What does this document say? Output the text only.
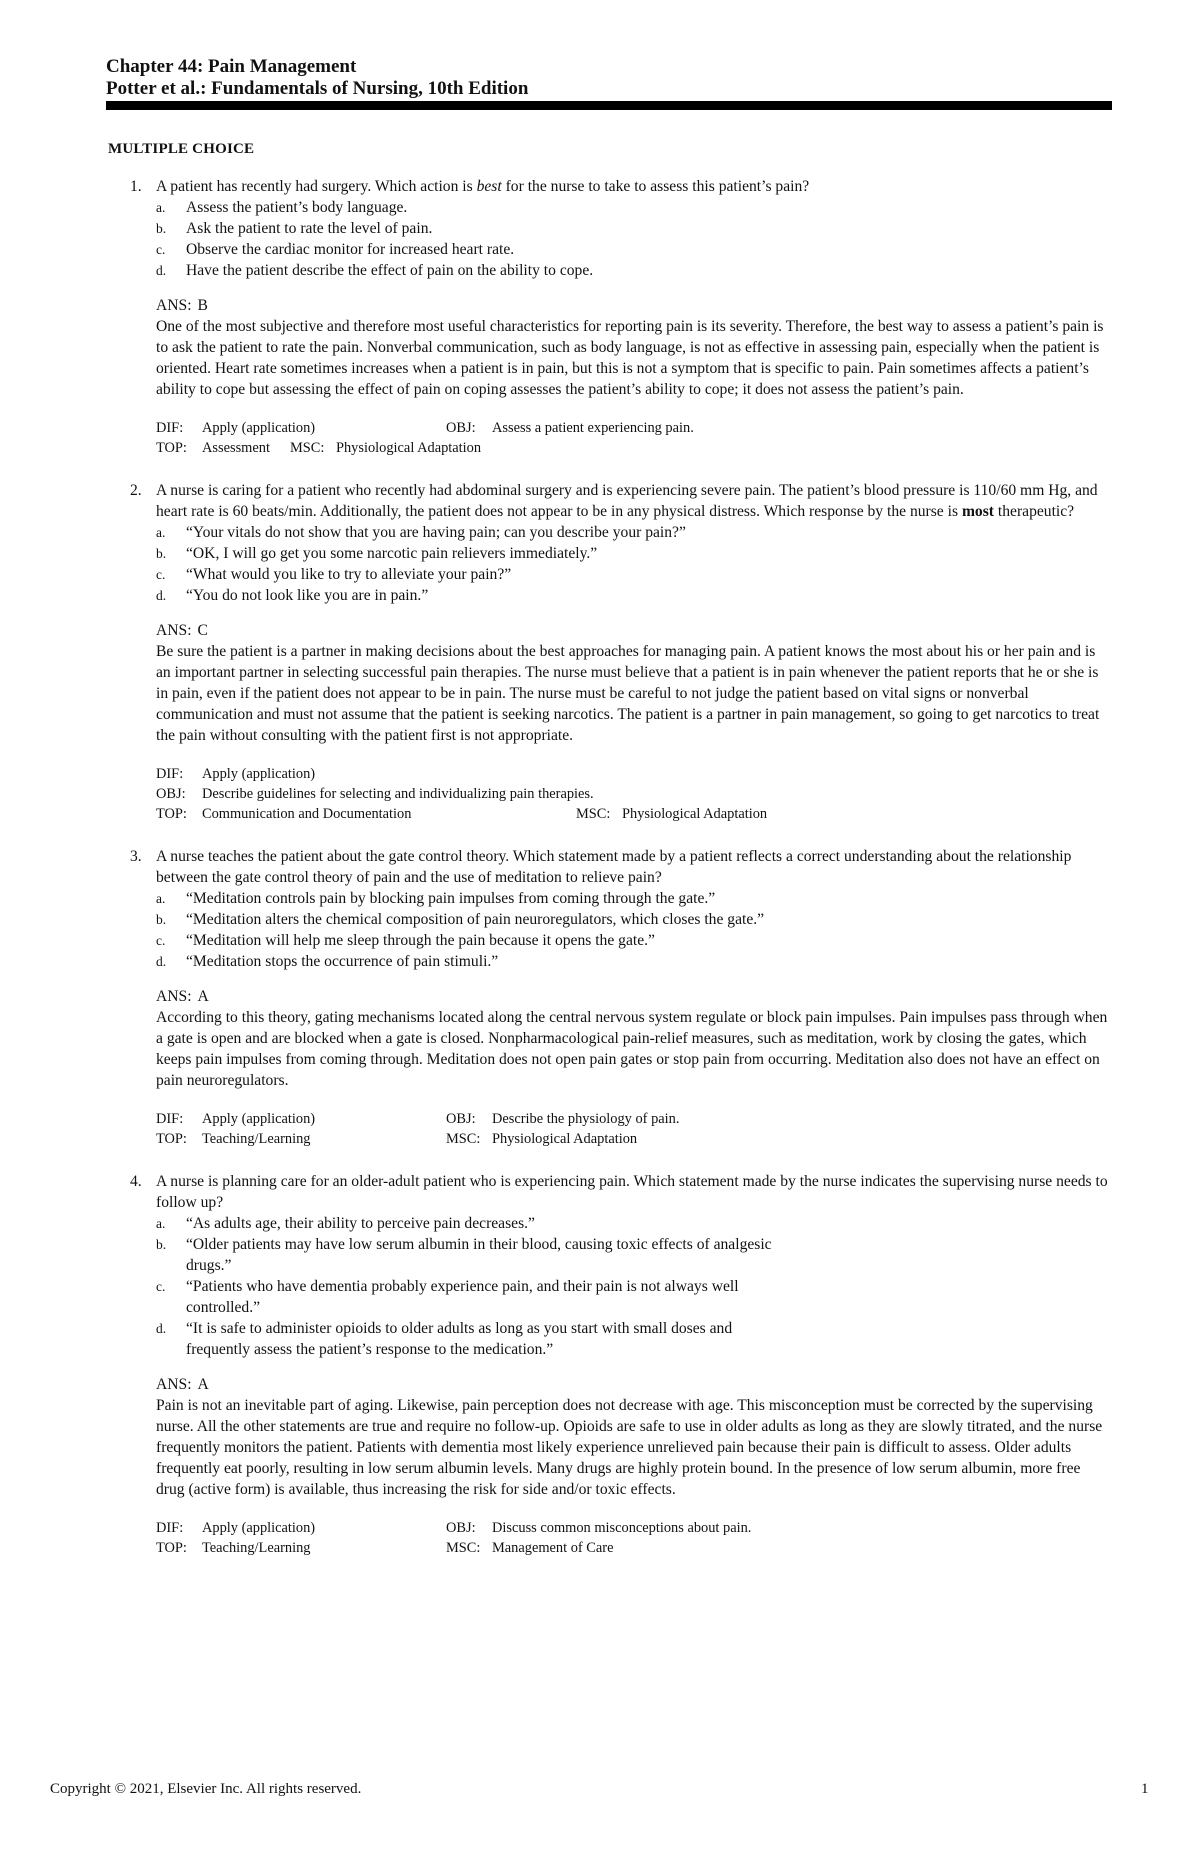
Chapter 44: Pain Management
Potter et al.: Fundamentals of Nursing, 10th Edition
MULTIPLE CHOICE
1. A patient has recently had surgery. Which action is best for the nurse to take to assess this patient’s pain?

a. Assess the patient’s body language.
b. Ask the patient to rate the level of pain.
c. Observe the cardiac monitor for increased heart rate.
d. Have the patient describe the effect of pain on the ability to cope.
ANS: B

One of the most subjective and therefore most useful characteristics for reporting pain is its severity. Therefore, the best way to assess a patient’s pain is to ask the patient to rate the pain. Nonverbal communication, such as body language, is not as effective in assessing pain, especially when the patient is oriented. Heart rate sometimes increases when a patient is in pain, but this is not a symptom that is specific to pain. Pain sometimes affects a patient’s ability to cope but assessing the effect of pain on coping assesses the patient’s ability to cope; it does not assess the patient’s pain.

DIF:	Apply (application)	OBJ:	Assess a patient experiencing pain.
TOP:	Assessment MSC: Physiological Adaptation
2. A nurse is caring for a patient who recently had abdominal surgery and is experiencing severe pain. The patient’s blood pressure is 110/60 mm Hg, and heart rate is 60 beats/min. Additionally, the patient does not appear to be in any physical distress. Which response by the nurse is most therapeutic?

a. “Your vitals do not show that you are having pain; can you describe your pain?”
b. “OK, I will go get you some narcotic pain relievers immediately.”
c. “What would you like to try to alleviate your pain?”
d. “You do not look like you are in pain.”
ANS: C

Be sure the patient is a partner in making decisions about the best approaches for managing pain. A patient knows the most about his or her pain and is an important partner in selecting successful pain therapies. The nurse must believe that a patient is in pain whenever the patient reports that he or she is in pain, even if the patient does not appear to be in pain. The nurse must be careful to not judge the patient based on vital signs or nonverbal communication and must not assume that the patient is seeking narcotics. The patient is a partner in pain management, so going to get narcotics to treat the pain without consulting with the patient first is not appropriate.

DIF:	Apply (application)
OBJ:	Describe guidelines for selecting and individualizing pain therapies.
TOP:	Communication and Documentation	MSC: Physiological Adaptation
3. A nurse teaches the patient about the gate control theory. Which statement made by a patient reflects a correct understanding about the relationship between the gate control theory of pain and the use of meditation to relieve pain?

a. “Meditation controls pain by blocking pain impulses from coming through the gate.”
b. “Meditation alters the chemical composition of pain neuroregulators, which closes the gate.”
c. “Meditation will help me sleep through the pain because it opens the gate.”
d. “Meditation stops the occurrence of pain stimuli.”
ANS: A

According to this theory, gating mechanisms located along the central nervous system regulate or block pain impulses. Pain impulses pass through when a gate is open and are blocked when a gate is closed. Nonpharmacological pain-relief measures, such as meditation, work by closing the gates, which keeps pain impulses from coming through. Meditation does not open pain gates or stop pain from occurring. Meditation also does not have an effect on pain neuroregulators.

DIF:	Apply (application)	OBJ:	Describe the physiology of pain.
TOP:	Teaching/Learning	MSC: Physiological Adaptation
4. A nurse is planning care for an older-adult patient who is experiencing pain. Which statement made by the nurse indicates the supervising nurse needs to follow up?

a. “As adults age, their ability to perceive pain decreases.”
b. “Older patients may have low serum albumin in their blood, causing toxic effects of analgesic drugs.”
c. “Patients who have dementia probably experience pain, and their pain is not always well controlled.”
d. “It is safe to administer opioids to older adults as long as you start with small doses and frequently assess the patient’s response to the medication.”
ANS: A

Pain is not an inevitable part of aging. Likewise, pain perception does not decrease with age. This misconception must be corrected by the supervising nurse. All the other statements are true and require no follow-up. Opioids are safe to use in older adults as long as they are slowly titrated, and the nurse frequently monitors the patient. Patients with dementia most likely experience unrelieved pain because their pain is difficult to assess. Older adults frequently eat poorly, resulting in low serum albumin levels. Many drugs are highly protein bound. In the presence of low serum albumin, more free drug (active form) is available, thus increasing the risk for side and/or toxic effects.

DIF:	Apply (application)	OBJ:	Discuss common misconceptions about pain.
TOP:	Teaching/Learning	MSC: Management of Care
Copyright © 2021, Elsevier Inc. All rights reserved.	1
